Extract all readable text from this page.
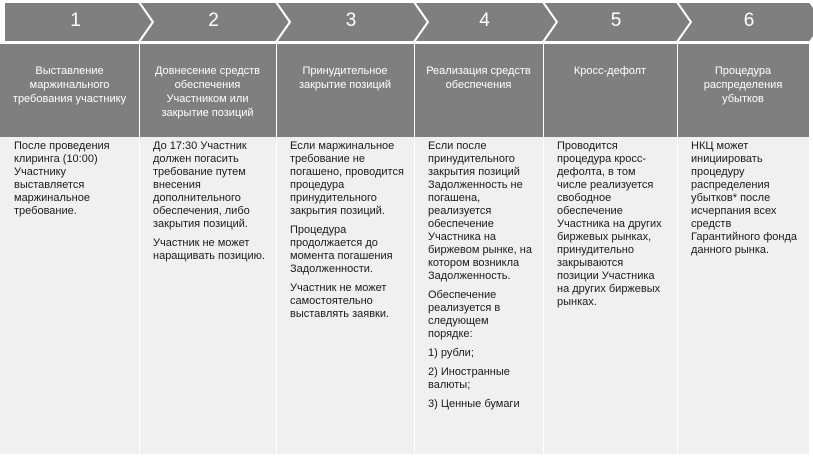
1
Выставление маржинального требования участнику

После проведения клиринга (10:00) Участнику выставляется маржинальное требование.

2
Довнесение средств обеспечения Участником или закрытие позиций

До 17:30 Участник должен погасить требование путем внесения дополнительного обеспечения, либо закрытия позиций.

Участник не может наращивать позицию.

3
Принудительное закрытие позиций

Если маржинальное требование не погашено, проводится процедура принудительного закрытия позиций.

Процедура продолжается до момента погашения Задолженности.

Участник не может самостоятельно выставлять заявки.

4
Реализация средств обеспечения

Если после принудительного закрытия позиций Задолженность не погашена, реализуется обеспечение Участника на биржевом рынке, на котором возникла Задолженность.

Обеспечение реализуется в следующем порядке:

1) рубли;

2) Иностранные валюты;

3) Ценные бумаги

5
Кросс-дефолт

Проводится процедура кросс-дефолта, в том числе реализуется свободное обеспечение Участника на других биржевых рынках, принудительно закрываются позиции Участника на других биржевых рынках.

6
Процедура распределения убытков

НКЦ может инициировать процедуру распределения убытков* после исчерпания всех средств Гарантийного фонда данного рынка.
